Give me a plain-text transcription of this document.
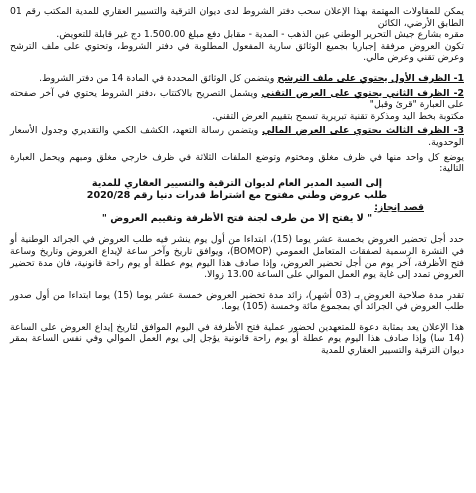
يمكن للمقاولات المهتمة بهذا الإعلان سحب دفتر الشروط لدى ديوان الترقية والتسيير العقاري للمدية المكتب رقم 01 الطابق الأرضي، الكائن

مقره بشارع جيش التحرير الوطني عين الذهب - المدية - مقابل دفع مبلغ 1.500.00 دج غير قابلة للتعويض.

تكون العروض مرفقة إجباريا بجميع الوثائق سارية المفعول المطلوبة في دفتر الشروط، وتحتوي على ملف الترشح وعرض تقني وعرض مالي.

1- الظرف الأول يحتوي على ملف الترشح ويتضمن كل الوثائق المحددة في المادة 14 من دفتر الشروط.

2- الظرف الثاني يحتوي على العرض التقني ويشمل التصريح بالاكتتاب ،دفتر الشروط يحتوي في آخر صفحته على العبارة "قرئ وقبل"

مكتوبة بخط اليد ومذكرة تقنية تبريرية تسمح بتقييم العرض التقني.

3- الظرف الثالث يحتوي على العرض المالي ويتضمن رسالة التعهد، الكشف الكمي والتقديري وجدول الأسعار الوحدوية.

يوضع كل واحد منها في ظرف مغلق ومختوم وتوضع الملفات الثلاثة في ظرف خارجي مغلق ومبهم ويحمل العبارة التالية:

إلى السيد المدير العام لديوان الترقية والتسيير العقاري للمدية

طلب عروض وطني مفتوح مع اشتراط قدرات دنيا رقم 2020/28

قصد إنجاز:

" لا يفتح إلا من طرف لجنة فتح الأظرفة وتقييم العروض "

حدد أجل تحضير العروض بخمسة عشر يوما (15)، ابتداءا من أول يوم ينشر فيه طلب العروض في الجرائد الوطنية أو في النشرة الرسمية لصفقات المتعامل العمومي (BOMOP)، ويوافق تاريخ وآخر ساعة لإيداع العروض وتاريخ وساعة فتح الأظرفة، آخر يوم من أجل تحضير العروض، وإذا صادف هذا اليوم يوم عطلة أو يوم راحة قانونية، فان مدة تحضير العروض تمدد إلى غاية يوم العمل الموالي على الساعة 13.00 زوالا.

تقدر مدة صلاحية العروض بـ (03 أشهر)، زائد مدة تحضير العروض خمسة عشر يوما (15) يوما ابتداءا من أول صدور طلب العروض في الجرائد أي بمجموع مائة وخمسة (105) يوما.

هذا الإعلان يعد بمثابة دعوة للمتعهدين لحضور عملية فتح الأظرفة في اليوم الموافق لتاريخ إيداع العروض على الساعة (14 سا) وإذا صادف هذا اليوم يوم عطلة أو يوم راحة قانونية يؤجل إلى يوم العمل الموالي وفي نفس الساعة بمقر ديوان الترقية والتسيير العقاري للمدية
